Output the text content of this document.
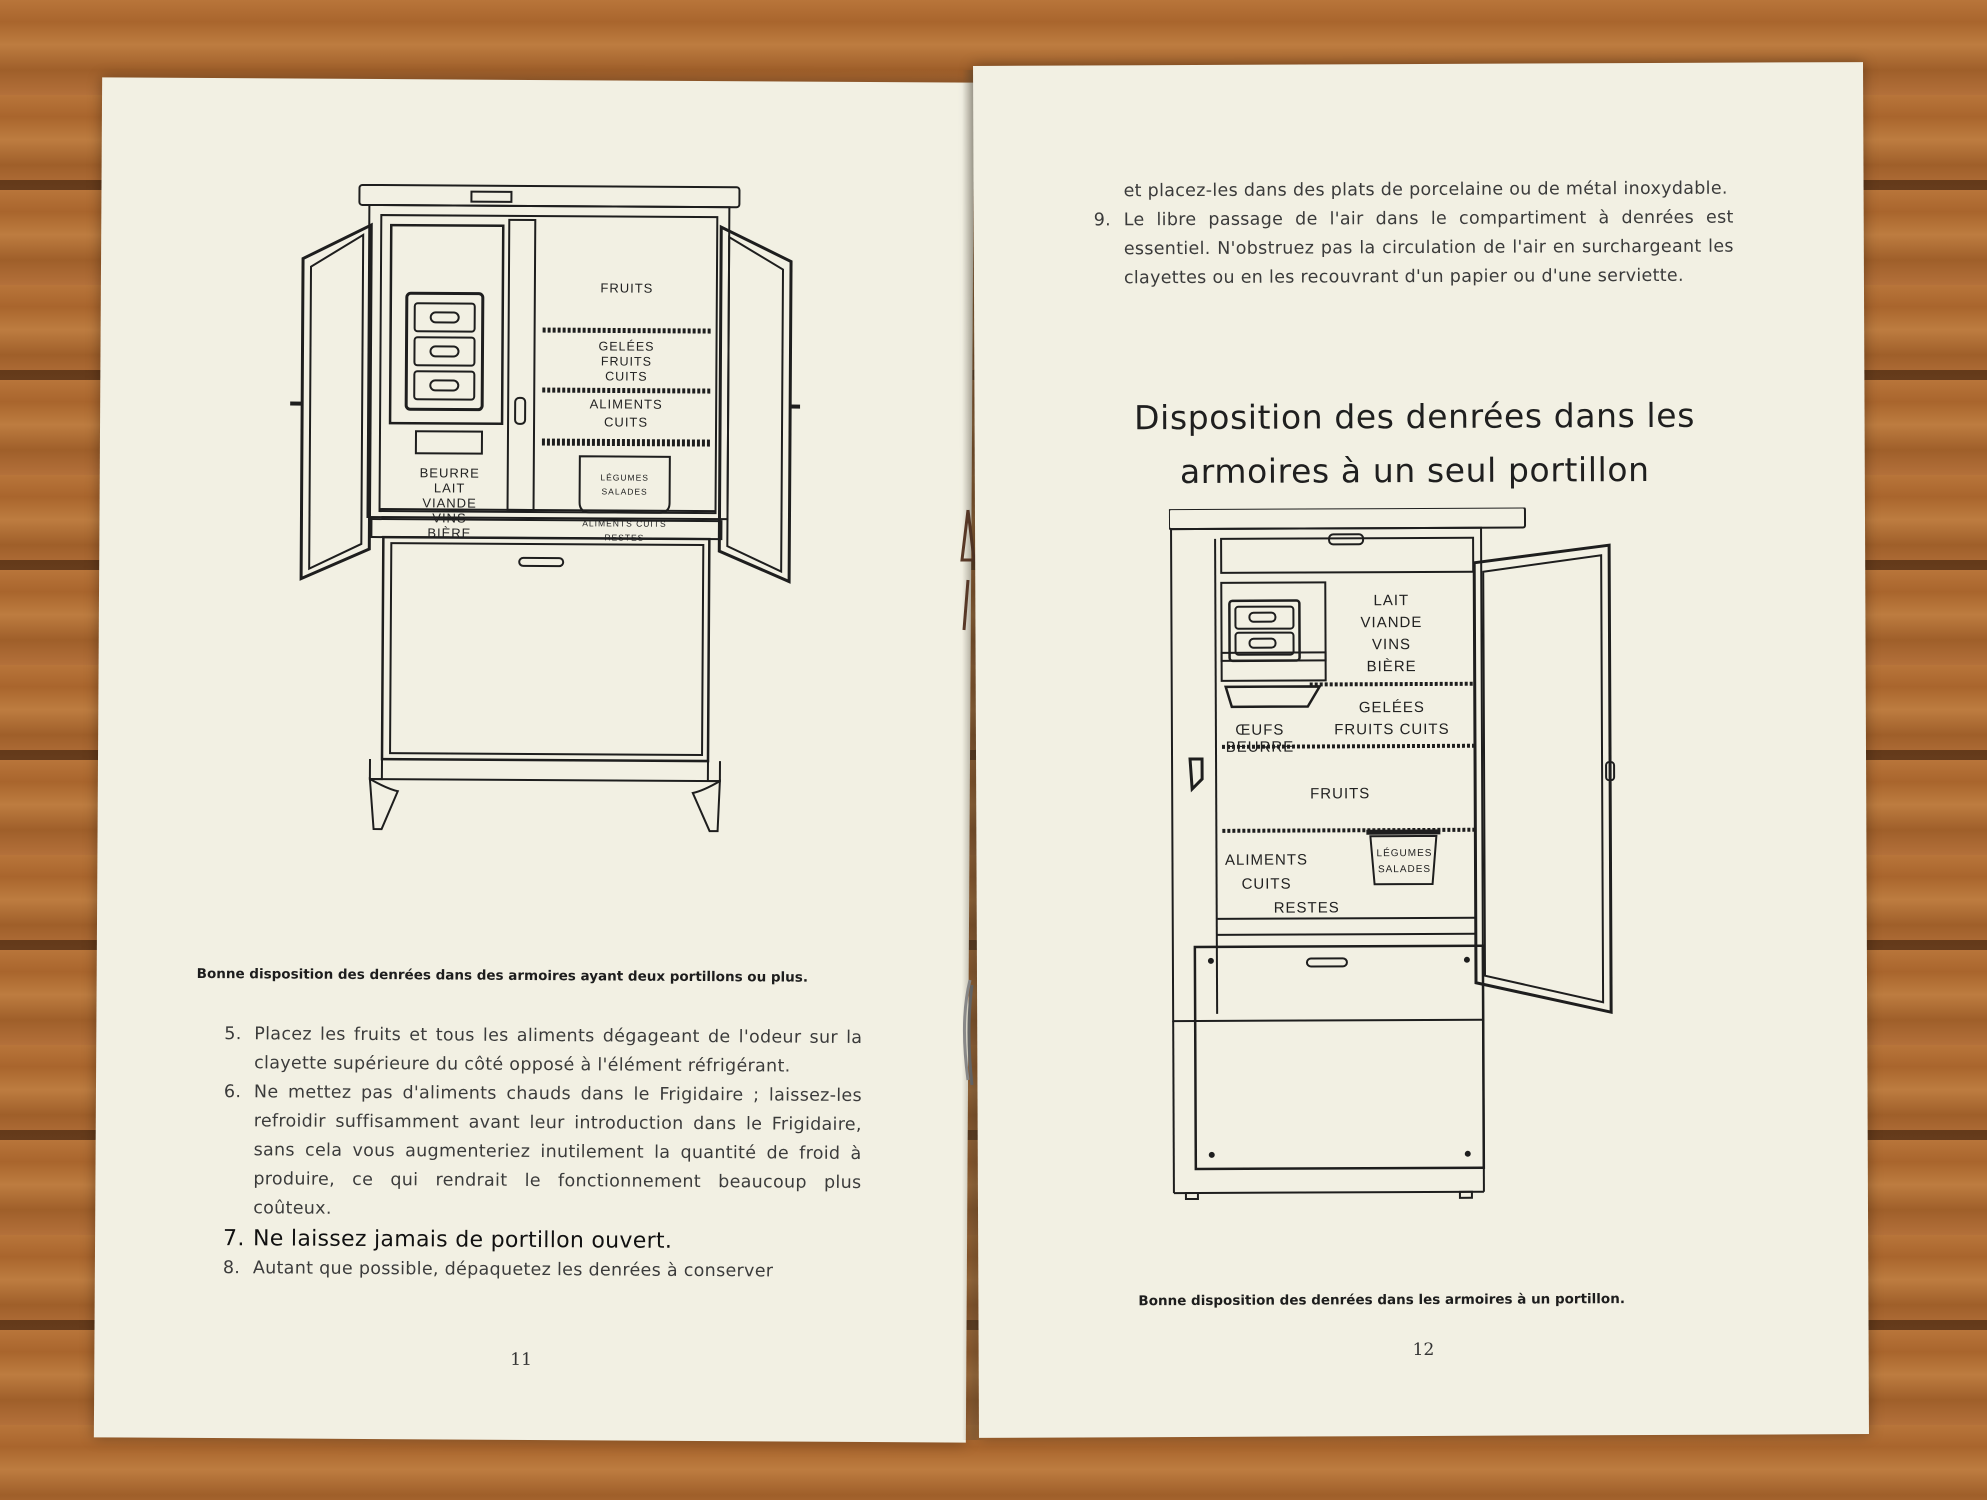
FRUITS
GELÉES
FRUITS
CUITS
ALIMENTS
CUITS
BEURRE
LAIT
VIANDE
VINS
BIÈRE
LÉGUMES
SALADES
ALIMENTS CUITS
RESTES
Bonne disposition des denrées dans des armoires ayant deux portillons ou plus.
5. Placez les fruits et tous les aliments dégageant de l'odeur sur la clayette supérieure du côté opposé à l'élément réfrigérant.
6. Ne mettez pas d'aliments chauds dans le Frigidaire ; laissez-les refroidir suffisamment avant leur introduction dans le Frigidaire, sans cela vous augmenteriez inutilement la quantité de froid à produire, ce qui rendrait le fonctionnement beaucoup plus coûteux.
7. Ne laissez jamais de portillon ouvert.
8. Autant que possible, dépaquetez les denrées à conserver
11
et placez-les dans des plats de porcelaine ou de métal inoxydable.
9. Le libre passage de l'air dans le compartiment à denrées est essentiel. N'obstruez pas la circulation de l'air en surchargeant les clayettes ou en les recouvrant d'un papier ou d'une serviette.
Disposition des denrées dans les
armoires à un seul portillon
LAIT
VIANDE
VINS
BIÈRE
GELÉES
FRUITS CUITS
ŒUFS
BEURRE
FRUITS
ALIMENTS
CUITS
LÉGUMES
SALADES
RESTES
Bonne disposition des denrées dans les armoires à un portillon.
12
